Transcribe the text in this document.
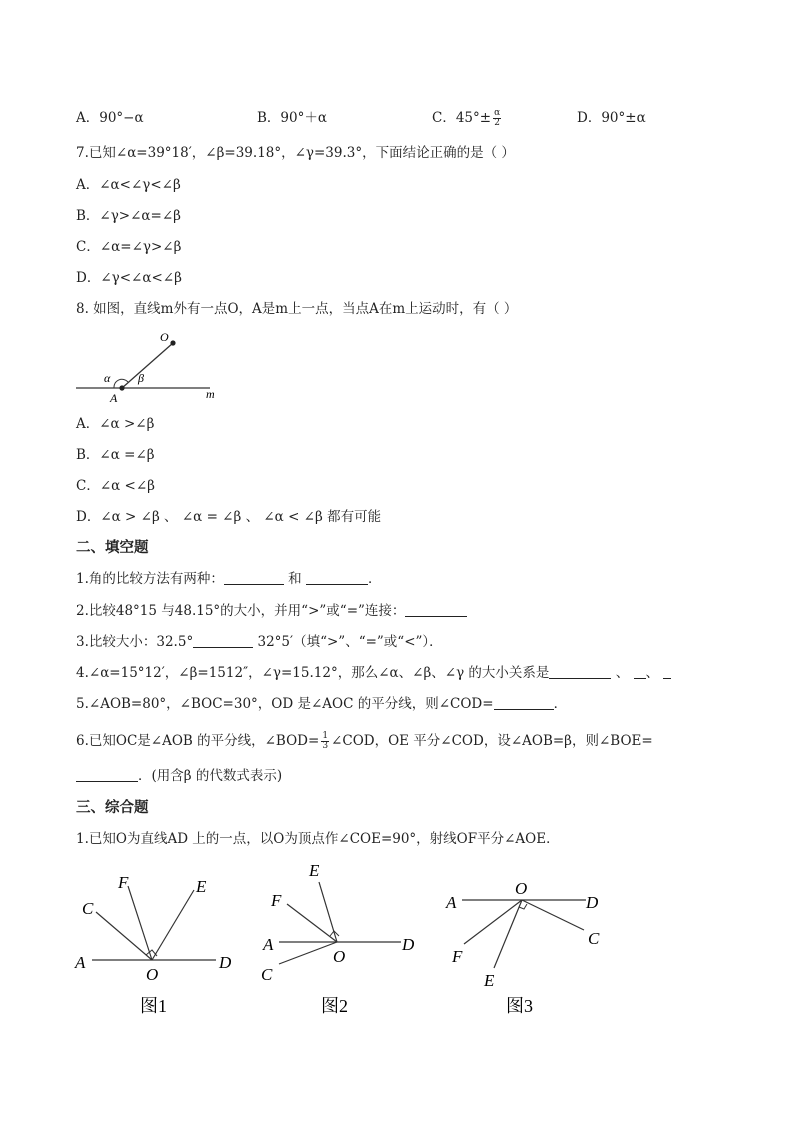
A．90°−α	B．90°＋α	C．$45^\circ\pm \frac{\alpha}{2}$	D．90°±α
7.已知∠α=39°18′，∠β=39.18°，∠γ=39.3°，下面结论正确的是（ ）
A．∠α<∠γ<∠β
B．∠γ>∠α=∠β
C．∠α=∠γ>∠β
D．∠γ<∠α<∠β
8. 如图，直线m外有一点O，A是m上一点，当点A在m上运动时，有（ ）
O
α β
A	m
A．∠α >∠β
B．∠α =∠β
C．∠α <∠β
D．∠α > ∠β 、 ∠α = ∠β 、 ∠α < ∠β 都有可能
二、填空题
1.角的比较方法有两种：	和	．
2.比较48°15 与48.15°的大小，并用“>”或“=”连接：
3.比较大小：32.5°	32°5′（填“>”、“=”或“<”）．
4.∠α=15°12′，∠β=1512″，∠γ=15.12°，那么∠α、∠β、∠γ 的大小关系是	、 、
5.∠AOB=80°，∠BOC=30°，OD 是∠AOC 的平分线，则∠COD=	．
6.已知OC是∠AOB 的平分线，∠BOD= $\frac{1}{3}$ ∠COD，OE 平分∠COD，设∠AOB=β，则∠BOE=
．(用含β 的代数式表示)
三、综合题
1.已知O为直线AD 上的一点，以O为顶点作∠COE=90°，射线OF平分∠AOE．
C
F	E
A
O
D
图1
E
F
A
C
O
D
图2
A
O
D
C
F
E
图3
